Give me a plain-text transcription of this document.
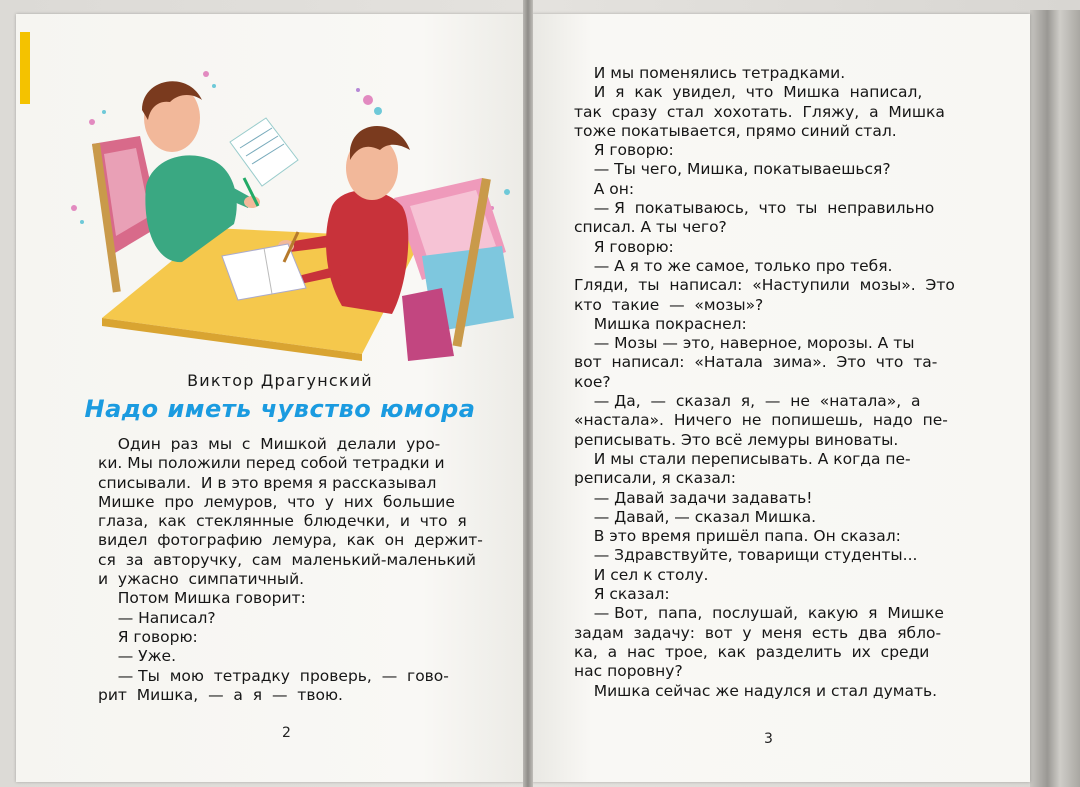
Виктор Драгунский
Надо иметь чувство юмора

Один  раз  мы  с  Мишкой  делали  уро-

ки. Мы положили перед собой тетрадки и

списывали.  И в это время я рассказывал

Мишке  про  лемуров,  что  у  них  большие

глаза,  как  стеклянные  блюдечки,  и  что  я

видел  фотографию  лемура,  как  он  держит-

ся  за  авторучку,  сам  маленький-маленький

и  ужасно  симпатичный.

Потом Мишка говорит:

— Написал?

Я говорю:

— Уже.

— Ты  мою  тетрадку  проверь,  —  гово-

рит  Мишка,  —  а  я  —  твою.

2

И мы поменялись тетрадками.

И  я  как  увидел,  что  Мишка  написал,

так  сразу  стал  хохотать.  Гляжу,  а  Мишка

тоже покатывается, прямо синий стал.

Я говорю:

— Ты чего, Мишка, покатываешься?

А он:

— Я  покатываюсь,  что  ты  неправильно

списал. А ты чего?

Я говорю:

— А я то же самое, только про тебя.

Гляди,  ты  написал:  «Наступили  мозы».  Это

кто  такие  —  «мозы»?

Мишка покраснел:

— Мозы — это, наверное, морозы. А ты

вот  написал:  «Натала  зима».  Это  что  та-

кое?

— Да,  —  сказал  я,  —  не  «натала»,  а

«настала».  Ничего  не  попишешь,  надо  пе-

реписывать. Это всё лемуры виноваты.

И мы стали переписывать. А когда пе-

реписали, я сказал:

— Давай задачи задавать!

— Давай, — сказал Мишка.

В это время пришёл папа. Он сказал:

— Здравствуйте, товарищи студенты...

И сел к столу.

Я сказал:

— Вот,  папа,  послушай,  какую  я  Мишке

задам  задачу:  вот  у  меня  есть  два  ябло-

ка,  а  нас  трое,  как  разделить  их  среди

нас поровну?

Мишка сейчас же надулся и стал думать.

3
